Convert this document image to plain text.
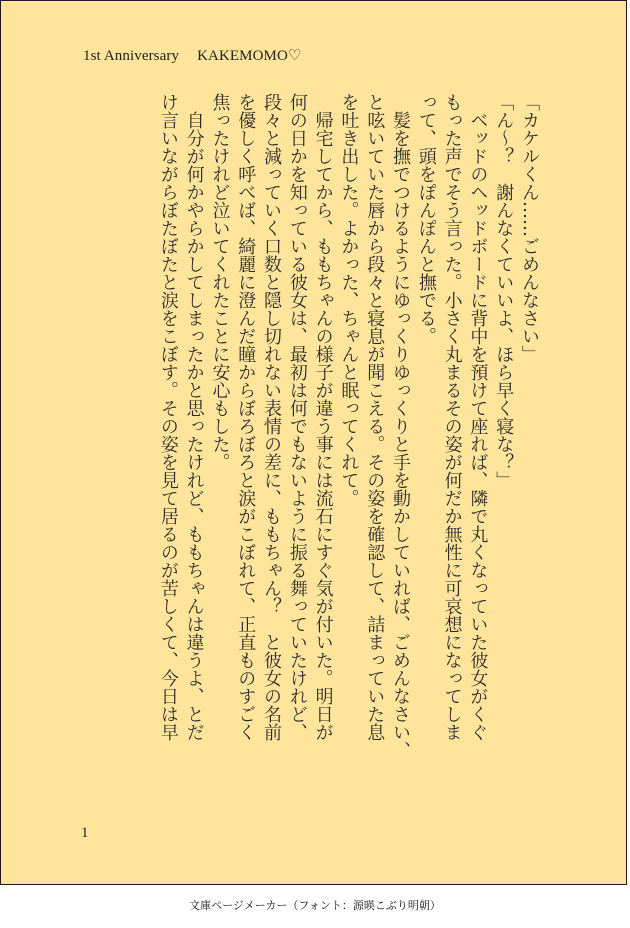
1st Anniversary KAKEMOMO♡
「カケルくん……ごめんなさい」
「ん〜？　謝んなくていいよ、ほら早く寝な？」
　ベッドのヘッドボードに背中を預けて座れば、隣で丸くなっていた彼女がくぐ
もった声でそう言った。小さく丸まるその姿が何だか無性に可哀想になってしま
って、頭をぽんぽんと撫でる。
　髪を撫でつけるようにゆっくりゆっくりと手を動かしていれば、ごめんなさい、
と呟いていた唇から段々と寝息が聞こえる。その姿を確認して、詰まっていた息
を吐き出した。よかった、ちゃんと眠ってくれて。
　帰宅してから、ももちゃんの様子が違う事には流石にすぐ気が付いた。明日が
何の日かを知っている彼女は、最初は何でもないように振る舞っていたけれど、
段々と減っていく口数と隠し切れない表情の差に、ももちゃん？　と彼女の名前
を優しく呼べば、綺麗に澄んだ瞳からぼろぼろと涙がこぼれて、正直ものすごく
焦ったけれど泣いてくれたことに安心もした。
　自分が何かやらかしてしまったかと思ったけれど、ももちゃんは違うよ、とだ
け言いながらぼたぼたと涙をこぼす。その姿を見て居るのが苦しくて、今日は早
1
文庫ページメーカー（フォント：源暎こぶり明朝）
